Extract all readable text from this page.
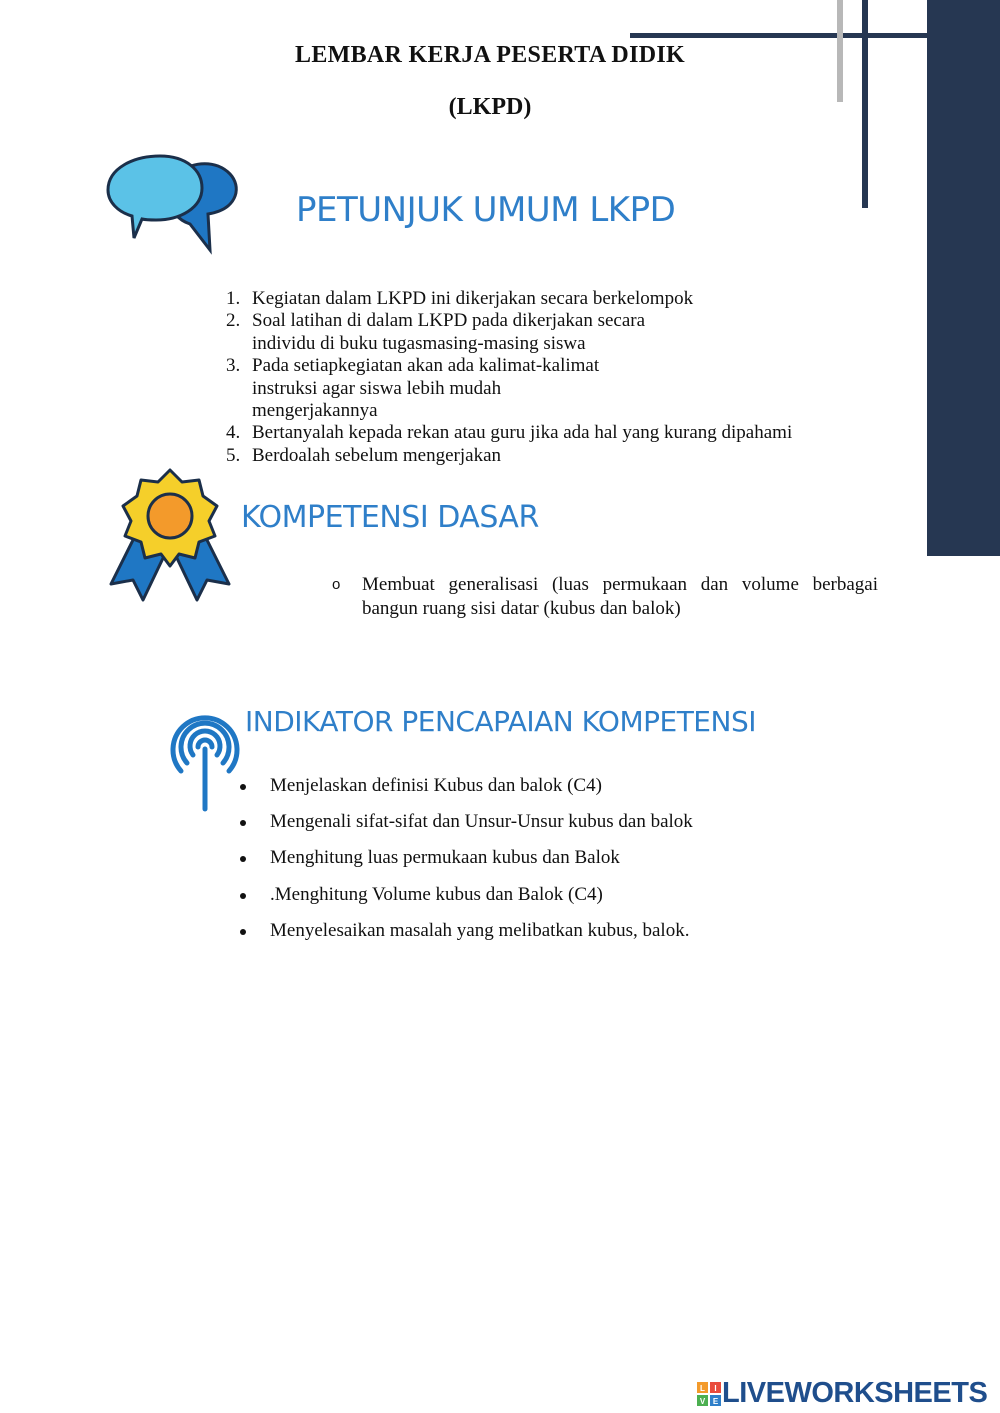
LEMBAR KERJA PESERTA DIDIK
(LKPD)
PETUNJUK UMUM LKPD
1. Kegiatan dalam LKPD ini dikerjakan secara berkelompok
2. Soal latihan di dalam LKPD pada dikerjakan secara
individu di buku tugasmasing-masing siswa
3. Pada setiapkegiatan akan ada kalimat-kalimat
instruksi agar siswa lebih mudah
mengerjakannya
4. Bertanyalah kepada rekan atau guru jika ada hal yang kurang dipahami
5. Berdoalah sebelum mengerjakan
KOMPETENSI DASAR
o Membuat generalisasi (luas permukaan dan volume berbagai
bangun ruang sisi datar (kubus dan balok)
INDIKATOR PENCAPAIAN KOMPETENSI
Menjelaskan definisi Kubus dan balok (C4)
Mengenali sifat-sifat dan Unsur-Unsur kubus dan balok
Menghitung luas permukaan kubus dan Balok
.Menghitung Volume kubus dan Balok (C4)
Menyelesaikan masalah yang melibatkan kubus, balok.
L I
V E LIVEWORKSHEETS
